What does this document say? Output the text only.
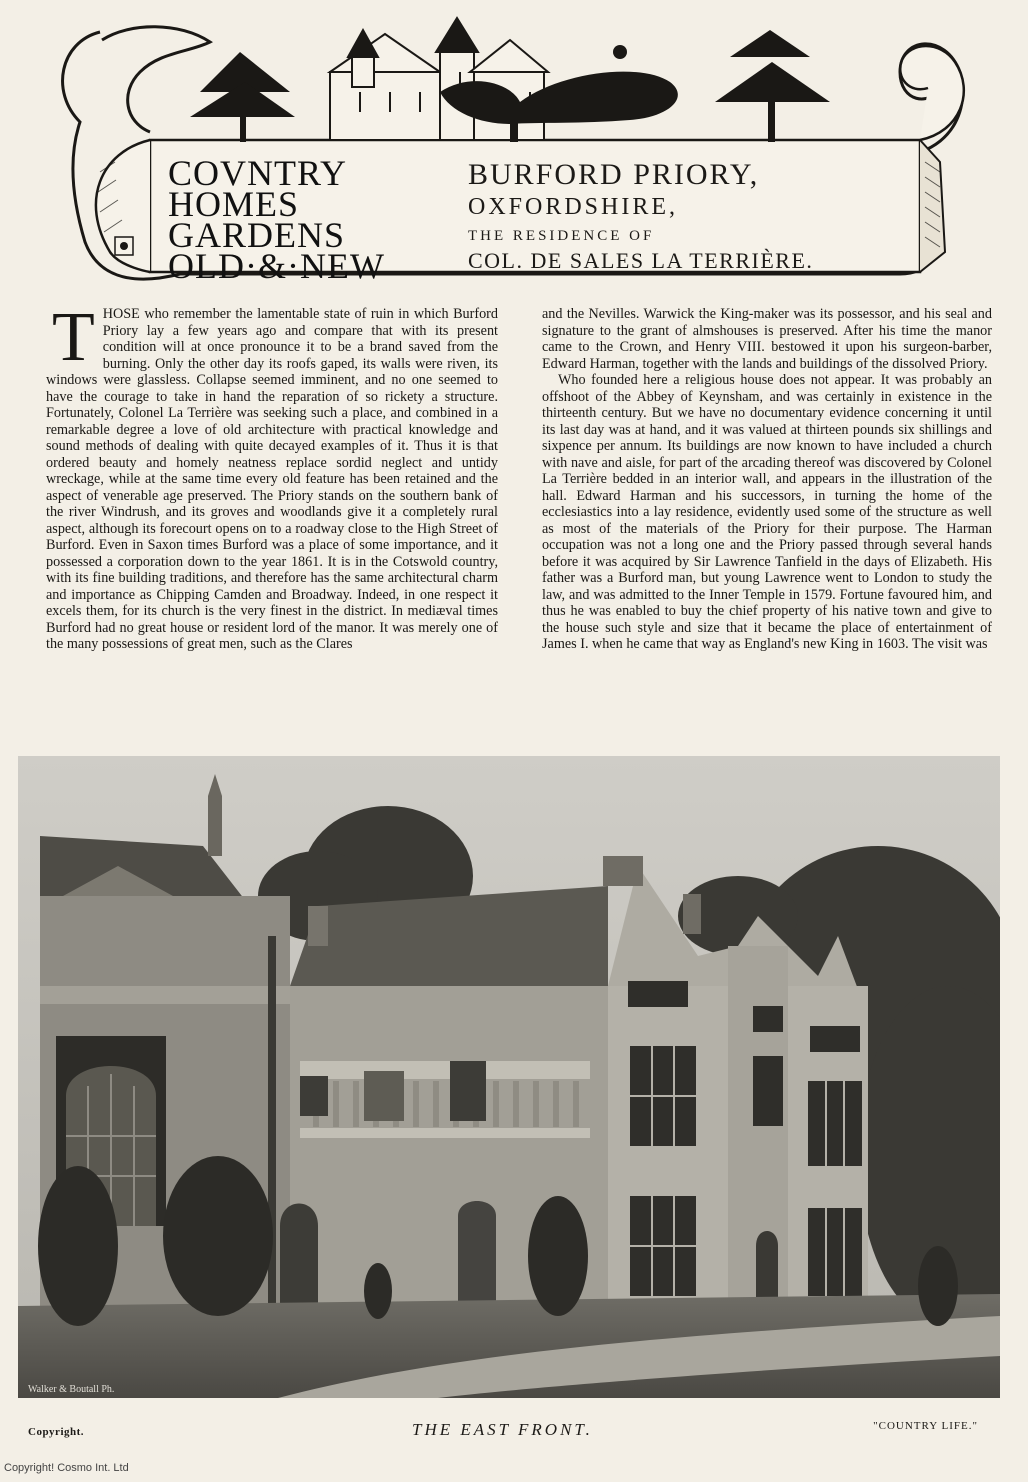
COVNTRY
HOMES
GARDENS
OLD·&·NEW
BURFORD PRIORY,
OXFORDSHIRE,
THE RESIDENCE OF
COL. DE SALES LA TERRIÈRE.

THOSE who remember the lamentable state of ruin in which Burford Priory lay a few years ago and compare that with its present condition will at once pronounce it to be a brand saved from the burning. Only the other day its roofs gaped, its walls were riven, its windows were glassless. Collapse seemed imminent, and no one seemed to have the courage to take in hand the reparation of so rickety a structure. Fortunately, Colonel La Terrière was seeking such a place, and combined in a remarkable degree a love of old architecture with practical knowledge and sound methods of dealing with quite decayed examples of it. Thus it is that ordered beauty and homely neatness replace sordid neglect and untidy wreckage, while at the same time every old feature has been retained and the aspect of venerable age preserved. The Priory stands on the southern bank of the river Windrush, and its groves and woodlands give it a completely rural aspect, although its forecourt opens on to a roadway close to the High Street of Burford. Even in Saxon times Burford was a place of some importance, and it possessed a corporation down to the year 1861. It is in the Cotswold country, with its fine building traditions, and therefore has the same architectural charm and importance as Chipping Camden and Broadway. Indeed, in one respect it excels them, for its church is the very finest in the district. In mediæval times Burford had no great house or resident lord of the manor. It was merely one of the many possessions of great men, such as the Clares

and the Nevilles. Warwick the King-maker was its possessor, and his seal and signature to the grant of almshouses is preserved. After his time the manor came to the Crown, and Henry VIII. bestowed it upon his surgeon-barber, Edward Harman, together with the lands and buildings of the dissolved Priory.

Who founded here a religious house does not appear. It was probably an offshoot of the Abbey of Keynsham, and was certainly in existence in the thirteenth century. But we have no documentary evidence concerning it until its last day was at hand, and it was valued at thirteen pounds six shillings and sixpence per annum. Its buildings are now known to have included a church with nave and aisle, for part of the arcading thereof was discovered by Colonel La Terrière bedded in an interior wall, and appears in the illustration of the hall. Edward Harman and his successors, in turning the home of the ecclesiastics into a lay residence, evidently used some of the structure as well as most of the materials of the Priory for their purpose. The Harman occupation was not a long one and the Priory passed through several hands before it was acquired by Sir Lawrence Tanfield in the days of Elizabeth. His father was a Burford man, but young Lawrence went to London to study the law, and was admitted to the Inner Temple in 1579. Fortune favoured him, and thus he was enabled to buy the chief property of his native town and give to the house such style and size that it became the place of entertainment of James I. when he came that way as England's new King in 1603. The visit was

Walker & Boutall Ph.
Copyright.	THE EAST FRONT.	"COUNTRY LIFE."
Copyright! Cosmo Int. Ltd
